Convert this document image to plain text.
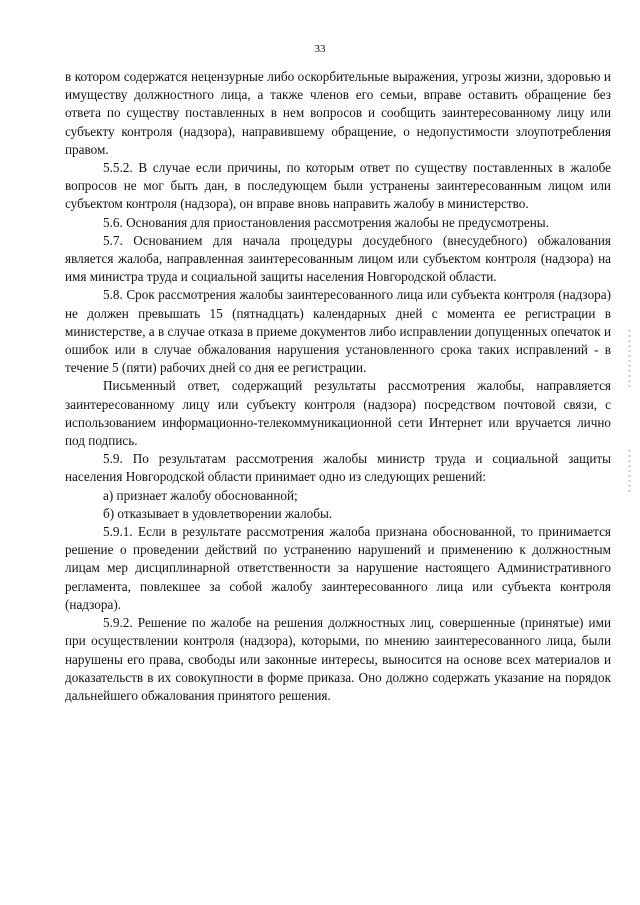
33

в котором содержатся нецензурные либо оскорбительные выражения, угрозы жизни, здоровью и имуществу должностного лица, а также членов его семьи, вправе оставить обращение без ответа по существу поставленных в нем вопросов и сообщить заинтересованному лицу или субъекту контроля (надзора), направившему обращение, о недопустимости злоупотребления правом.

5.5.2. В случае если причины, по которым ответ по существу поставленных в жалобе вопросов не мог быть дан, в последующем были устранены заинтересованным лицом или субъектом контроля (надзора), он вправе вновь направить жалобу в министерство.

5.6. Основания для приостановления рассмотрения жалобы не предусмотрены.

5.7. Основанием для начала процедуры досудебного (внесудебного) обжалования является жалоба, направленная заинтересованным лицом или субъектом контроля (надзора) на имя министра труда и социальной защиты населения Новгородской области.

5.8. Срок рассмотрения жалобы заинтересованного лица или субъекта контроля (надзора) не должен превышать 15 (пятнадцать) календарных дней с момента ее регистрации в министерстве, а в случае отказа в приеме документов либо исправлении допущенных опечаток и ошибок или в случае обжалования нарушения установленного срока таких исправлений - в течение 5 (пяти) рабочих дней со дня ее регистрации.

Письменный ответ, содержащий результаты рассмотрения жалобы, направляется заинтересованному лицу или субъекту контроля (надзора) посредством почтовой связи, с использованием информационно-телекоммуникационной сети Интернет или вручается лично под подпись.

5.9. По результатам рассмотрения жалобы министр труда и социальной защиты населения Новгородской области принимает одно из следующих решений:

а) признает жалобу обоснованной;

б) отказывает в удовлетворении жалобы.

5.9.1. Если в результате рассмотрения жалоба признана обоснованной, то принимается решение о проведении действий по устранению нарушений и применению к должностным лицам мер дисциплинарной ответственности за нарушение настоящего Административного регламента, повлекшее за собой жалобу заинтересованного лица или субъекта контроля (надзора).

5.9.2. Решение по жалобе на решения должностных лиц, совершенные (принятые) ими при осуществлении контроля (надзора), которыми, по мнению заинтересованного лица, были нарушены его права, свободы или законные интересы, выносится на основе всех материалов и доказательств в их совокупности в форме приказа. Оно должно содержать указание на порядок дальнейшего обжалования принятого решения.
